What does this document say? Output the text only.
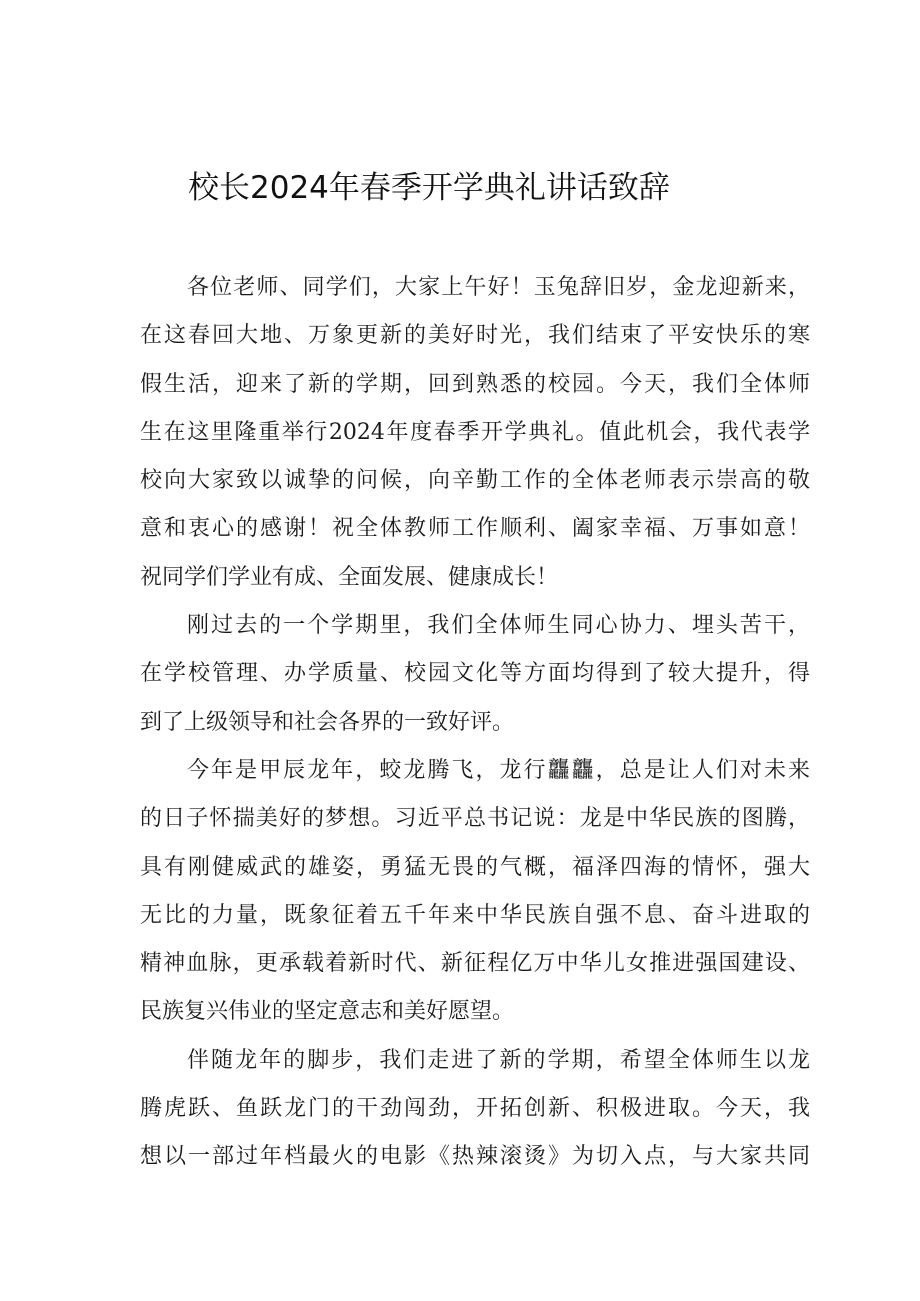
校长2024年春季开学典礼讲话致辞
各位老师、同学们，大家上午好！玉兔辞旧岁，金龙迎新来，
在这春回大地、万象更新的美好时光，我们结束了平安快乐的寒
假生活，迎来了新的学期，回到熟悉的校园。今天，我们全体师
生在这里隆重举行2024年度春季开学典礼。值此机会，我代表学
校向大家致以诚挚的问候，向辛勤工作的全体老师表示崇高的敬
意和衷心的感谢！祝全体教师工作顺利、阖家幸福、万事如意！
祝同学们学业有成、全面发展、健康成长！
刚过去的一个学期里，我们全体师生同心协力、埋头苦干，
在学校管理、办学质量、校园文化等方面均得到了较大提升，得
到了上级领导和社会各界的一致好评。
今年是甲辰龙年，蛟龙腾飞，龙行龘龘，总是让人们对未来
的日子怀揣美好的梦想。习近平总书记说：龙是中华民族的图腾，
具有刚健威武的雄姿，勇猛无畏的气概，福泽四海的情怀，强大
无比的力量，既象征着五千年来中华民族自强不息、奋斗进取的
精神血脉，更承载着新时代、新征程亿万中华儿女推进强国建设、
民族复兴伟业的坚定意志和美好愿望。
伴随龙年的脚步，我们走进了新的学期，希望全体师生以龙
腾虎跃、鱼跃龙门的干劲闯劲，开拓创新、积极进取。今天，我
想以一部过年档最火的电影《热辣滚烫》为切入点，与大家共同
